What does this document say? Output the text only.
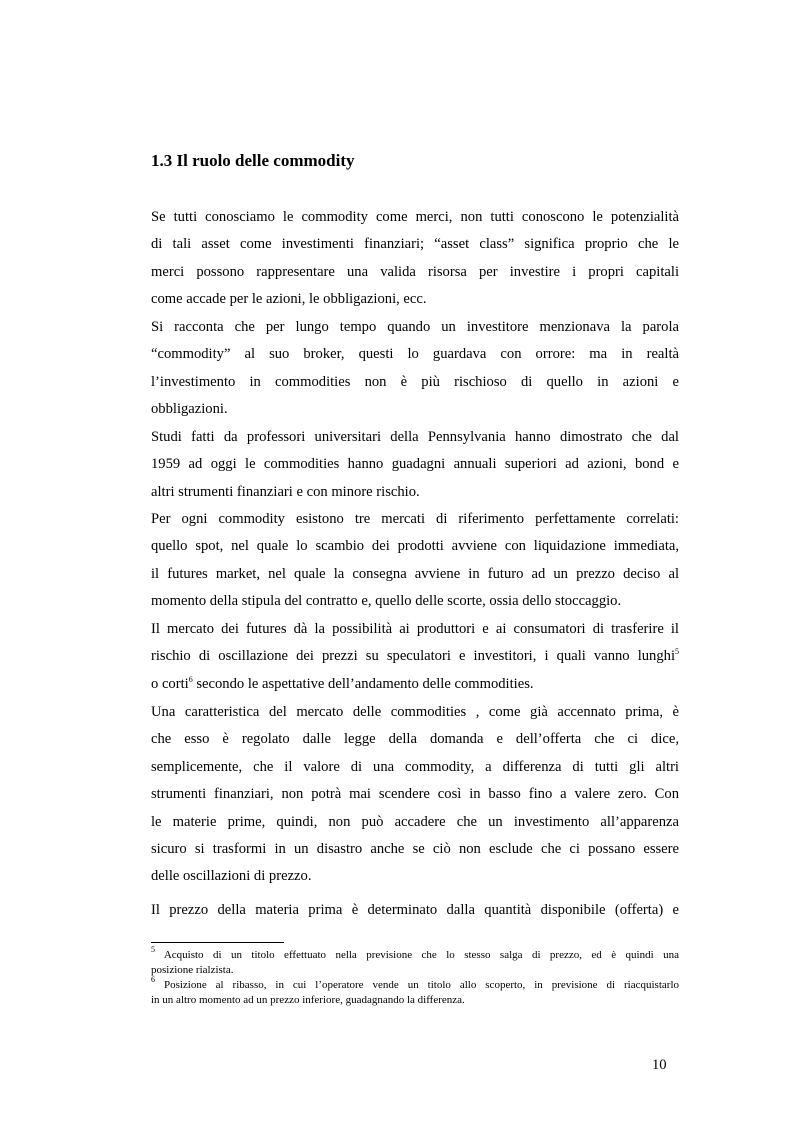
1.3 Il ruolo delle commodity
Se tutti conosciamo le commodity come merci, non tutti conoscono le potenzialità
di tali asset come investimenti finanziari; “asset class” significa proprio che le
merci possono rappresentare una valida risorsa per investire i propri capitali
come accade per le azioni, le obbligazioni, ecc.
Si racconta che per lungo tempo quando un investitore menzionava la parola
“commodity” al suo broker, questi lo guardava con orrore: ma in realtà
l’investimento in commodities non è più rischioso di quello in azioni e
obbligazioni.
Studi fatti da professori universitari della Pennsylvania hanno dimostrato che dal
1959 ad oggi le commodities hanno guadagni annuali superiori ad azioni, bond e
altri strumenti finanziari e con minore rischio.
Per ogni commodity esistono tre mercati di riferimento perfettamente correlati:
quello spot, nel quale lo scambio dei prodotti avviene con liquidazione immediata,
il futures market, nel quale la consegna avviene in futuro ad un prezzo deciso al
momento della stipula del contratto e, quello delle scorte, ossia dello stoccaggio.
Il mercato dei futures dà la possibilità ai produttori e ai consumatori di trasferire il
rischio di oscillazione dei prezzi su speculatori e investitori, i quali vanno lunghi$^5$
o corti$^6$ secondo le aspettative dell’andamento delle commodities.
Una caratteristica del mercato delle commodities , come già accennato prima, è
che esso è regolato dalle legge della domanda e dell’offerta che ci dice,
semplicemente, che il valore di una commodity, a differenza di tutti gli altri
strumenti finanziari, non potrà mai scendere così in basso fino a valere zero. Con
le materie prime, quindi, non può accadere che un investimento all’apparenza
sicuro si trasformi in un disastro anche se ciò non esclude che ci possano essere
delle oscillazioni di prezzo.
Il prezzo della materia prima è determinato dalla quantità disponibile (offerta) e
$^5$ Acquisto di un titolo effettuato nella previsione che lo stesso salga di prezzo, ed è quindi una
posizione rialzista.
$^6$ Posizione al ribasso, in cui l’operatore vende un titolo allo scoperto, in previsione di riacquistarlo
in un altro momento ad un prezzo inferiore, guadagnando la differenza.
10
